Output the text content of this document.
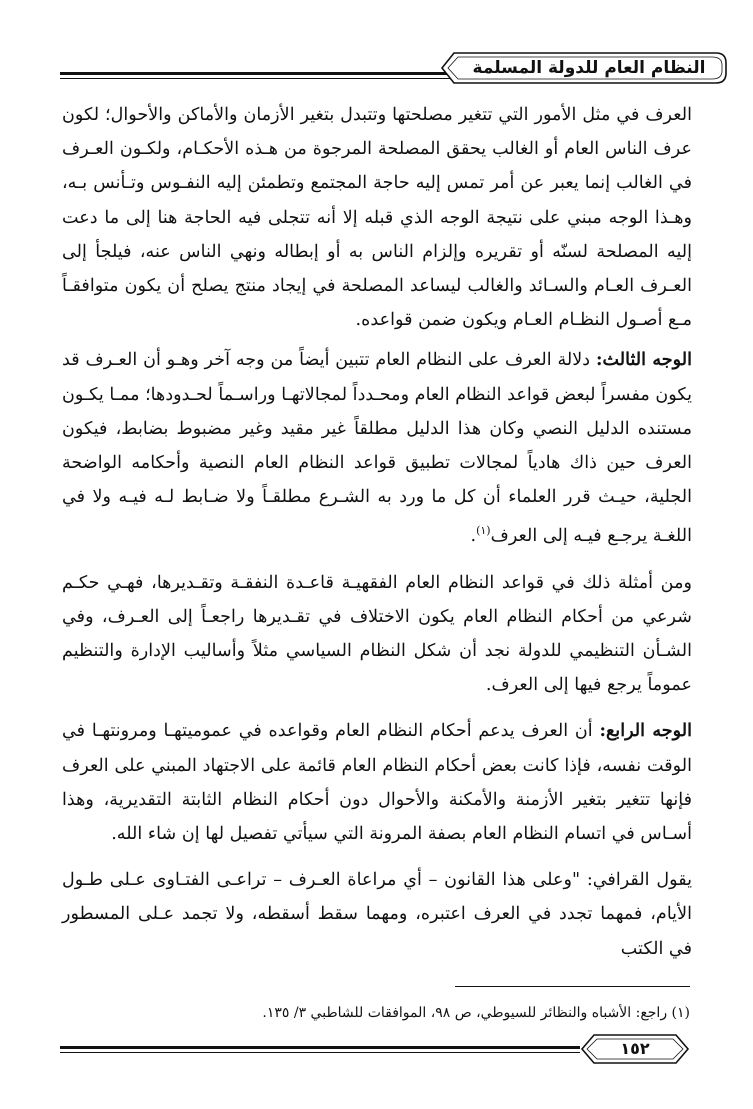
النظام العام للدولة المسلمة

العرف في مثل الأمور التي تتغير مصلحتها وتتبدل بتغير الأزمان والأماكن والأحوال؛ لكون عرف الناس العام أو الغالب يحقق المصلحة المرجوة من هـذه الأحكـام، ولكـون العـرف في الغالب إنما يعبر عن أمر تمس إليه حاجة المجتمع وتطمئن إليه النفـوس وتـأنس بـه، وهـذا الوجه مبني على نتيجة الوجه الذي قبله إلا أنه تتجلى فيه الحاجة هنا إلى ما دعت إليه المصلحة لسنّه أو تقريره وإلزام الناس به أو إبطاله ونهي الناس عنه، فيلجأ إلى العـرف العـام والسـائد والغالب ليساعد المصلحة في إيجاد منتج يصلح أن يكون متوافقـاً مـع أصـول النظـام العـام ويكون ضمن قواعده.

الوجه الثالث: دلالة العرف على النظام العام تتبين أيضاً من وجه آخر وهـو أن العـرف قد يكون مفسراً لبعض قواعد النظام العام ومحـدداً لمجالاتهـا وراسـماً لحـدودها؛ ممـا يكـون مستنده الدليل النصي وكان هذا الدليل مطلقاً غير مقيد وغير مضبوط بضابط، فيكون العرف حين ذاك هادياً لمجالات تطبيق قواعد النظام العام النصية وأحكامه الواضحة الجلية، حيـث قرر العلماء أن كل ما ورد به الشـرع مطلقـاً ولا ضـابط لـه فيـه ولا في اللغـة يرجـع فيـه إلى العرف$^{(١)}$.

ومن أمثلة ذلك في قواعد النظام العام الفقهيـة قاعـدة النفقـة وتقـديرها، فهـي حكـم شرعي من أحكام النظام العام يكون الاختلاف في تقـديرها راجعـاً إلى العـرف، وفي الشـأن التنظيمي للدولة نجد أن شكل النظام السياسي مثلاً وأساليب الإدارة والتنظيم عموماً يرجع فيها إلى العرف.

الوجه الرابع: أن العرف يدعم أحكام النظام العام وقواعده في عموميتهـا ومرونتهـا في الوقت نفسه، فإذا كانت بعض أحكام النظام العام قائمة على الاجتهاد المبني على العرف فإنها تتغير بتغير الأزمنة والأمكنة والأحوال دون أحكام النظام الثابتة التقديرية، وهذا أسـاس في اتسام النظام العام بصفة المرونة التي سيأتي تفصيل لها إن شاء الله.

يقول القرافي: "وعلى هذا القانون – أي مراعاة العـرف – تراعـى الفتـاوى عـلى طـول الأيام، فمهما تجدد في العرف اعتبره، ومهما سقط أسقطه، ولا تجمد عـلى المسطور في الكتب

(١) راجع: الأشباه والنظائر للسيوطي، ص ٩٨، الموافقات للشاطبي ٣/ ١٣٥.
١٥٢
